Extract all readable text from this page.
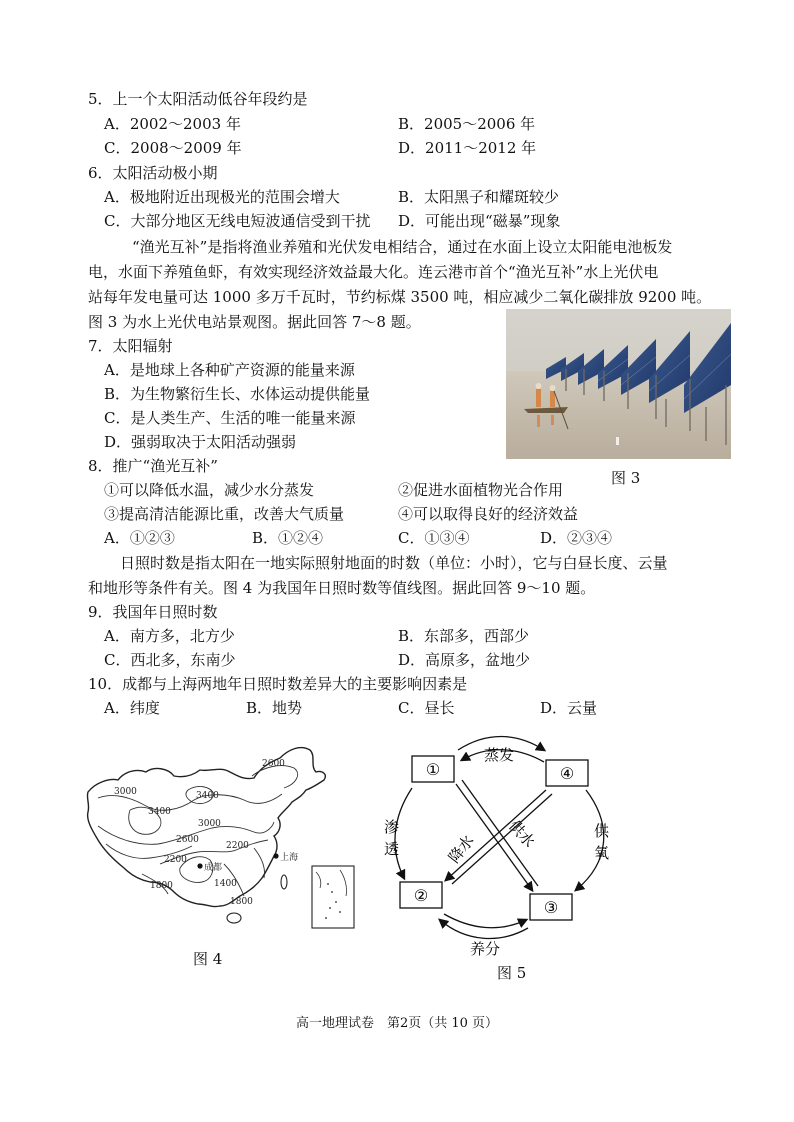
5．上一个太阳活动低谷年段约是
A．2002～2003 年	B．2005～2006 年
C．2008～2009 年	D．2011～2012 年
6．太阳活动极小期
A．极地附近出现极光的范围会增大	B．太阳黑子和耀斑较少
C．大部分地区无线电短波通信受到干扰 D．可能出现“磁暴”现象
“渔光互补”是指将渔业养殖和光伏发电相结合，通过在水面上设立太阳能电池板发
电，水面下养殖鱼虾，有效实现经济效益最大化。连云港市首个“渔光互补”水上光伏电
站每年发电量可达 1000 多万千瓦时，节约标煤 3500 吨，相应减少二氧化碳排放 9200 吨。
图 3 为水上光伏电站景观图。据此回答 7～8 题。
图 3
7．太阳辐射
A．是地球上各种矿产资源的能量来源
B．为生物繁衍生长、水体运动提供能量
C．是人类生产、生活的唯一能量来源
D．强弱取决于太阳活动强弱
8．推广“渔光互补”
①可以降低水温，减少水分蒸发	②促进水面植物光合作用
③提高清洁能源比重，改善大气质量	④可以取得良好的经济效益
A．①②③	B．①②④	C．①③④	D．②③④
日照时数是指太阳在一地实际照射地面的时数（单位：小时），它与白昼长度、云量
和地形等条件有关。图 4 为我国年日照时数等值线图。据此回答 9～10 题。
9．我国年日照时数
A．南方多，北方少	B．东部多，西部少
C．西北多，东南少	D．高原多，盆地少
10．成都与上海两地年日照时数差异大的主要影响因素是
A．纬度	B．地势	C．昼长	D．云量
2600
3000	3400
3400
3000
2600
2200
2200
1400
1800
1800
成都
上海
图 4
①	④
②
③
蒸发
渗
透
供
氧
降水 供水
养分
图 5
高一地理试卷　第2页（共 10 页）
